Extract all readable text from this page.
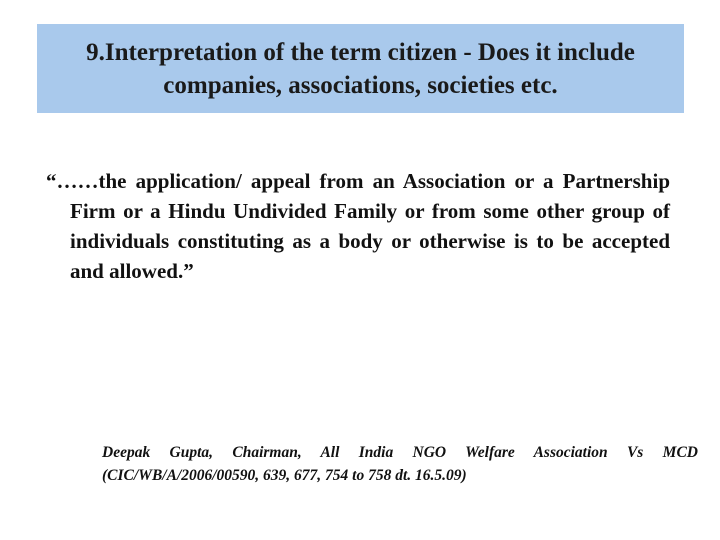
9.Interpretation of the term citizen - Does it include companies, associations, societies etc.

“……the application/ appeal from an Association or a Partnership Firm or a Hindu Undivided Family or from some other group of individuals constituting as a body or otherwise is to be accepted and allowed.”

Deepak Gupta, Chairman, All India NGO Welfare Association Vs MCD
(CIC/WB/A/2006/00590, 639, 677, 754 to 758 dt. 16.5.09)
